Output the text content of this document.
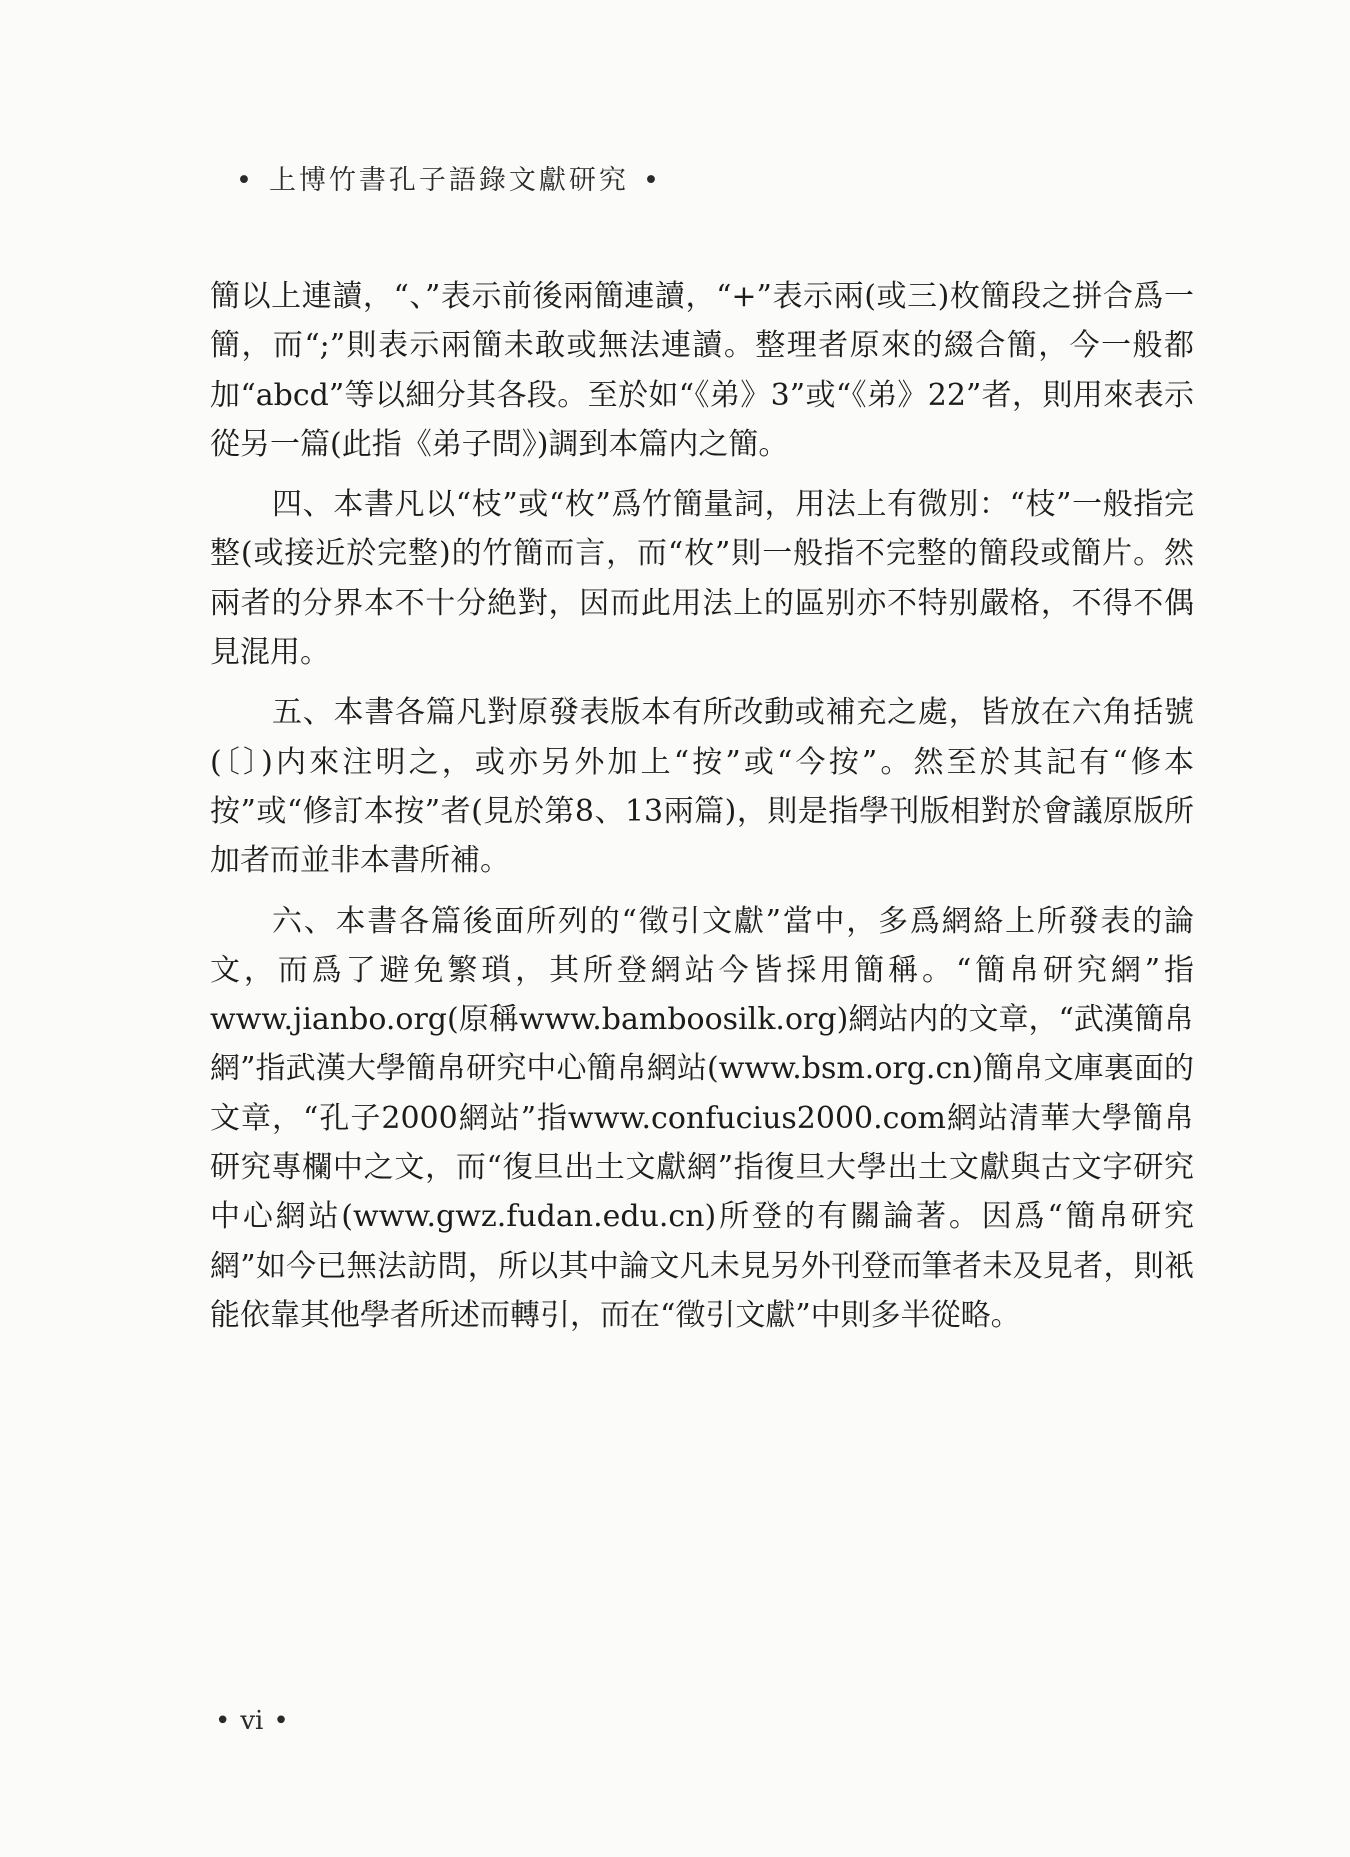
• 上博竹書孔子語錄文獻研究 •

簡以上連讀，“、”表示前後兩簡連讀，“+”表示兩(或三)枚簡段之拼合爲一簡，而“;”則表示兩簡未敢或無法連讀。整理者原來的綴合簡，今一般都加“abcd”等以細分其各段。至於如“《弟》3”或“《弟》22”者，則用來表示從另一篇(此指《弟子問》)調到本篇内之簡。

四、本書凡以“枝”或“枚”爲竹簡量詞，用法上有微別：“枝”一般指完整(或接近於完整)的竹簡而言，而“枚”則一般指不完整的簡段或簡片。然兩者的分界本不十分絶對，因而此用法上的區别亦不特别嚴格，不得不偶見混用。

五、本書各篇凡對原發表版本有所改動或補充之處，皆放在六角括號(〔〕)内來注明之，或亦另外加上“按”或“今按”。然至於其記有“修本按”或“修訂本按”者(見於第8、13兩篇)，則是指學刊版相對於會議原版所加者而並非本書所補。

六、本書各篇後面所列的“徵引文獻”當中，多爲網絡上所發表的論文，而爲了避免繁瑣，其所登網站今皆採用簡稱。“簡帛研究網”指www.jianbo.org(原稱www.bamboosilk.org)網站内的文章，“武漢簡帛網”指武漢大學簡帛研究中心簡帛網站(www.bsm.org.cn)簡帛文庫裏面的文章，“孔子2000網站”指www.confucius2000.com網站清華大學簡帛研究專欄中之文，而“復旦出土文獻網”指復旦大學出土文獻與古文字研究中心網站(www.gwz.fudan.edu.cn)所登的有關論著。因爲“簡帛研究網”如今已無法訪問，所以其中論文凡未見另外刊登而筆者未及見者，則衹能依靠其他學者所述而轉引，而在“徵引文獻”中則多半從略。

• vi •
